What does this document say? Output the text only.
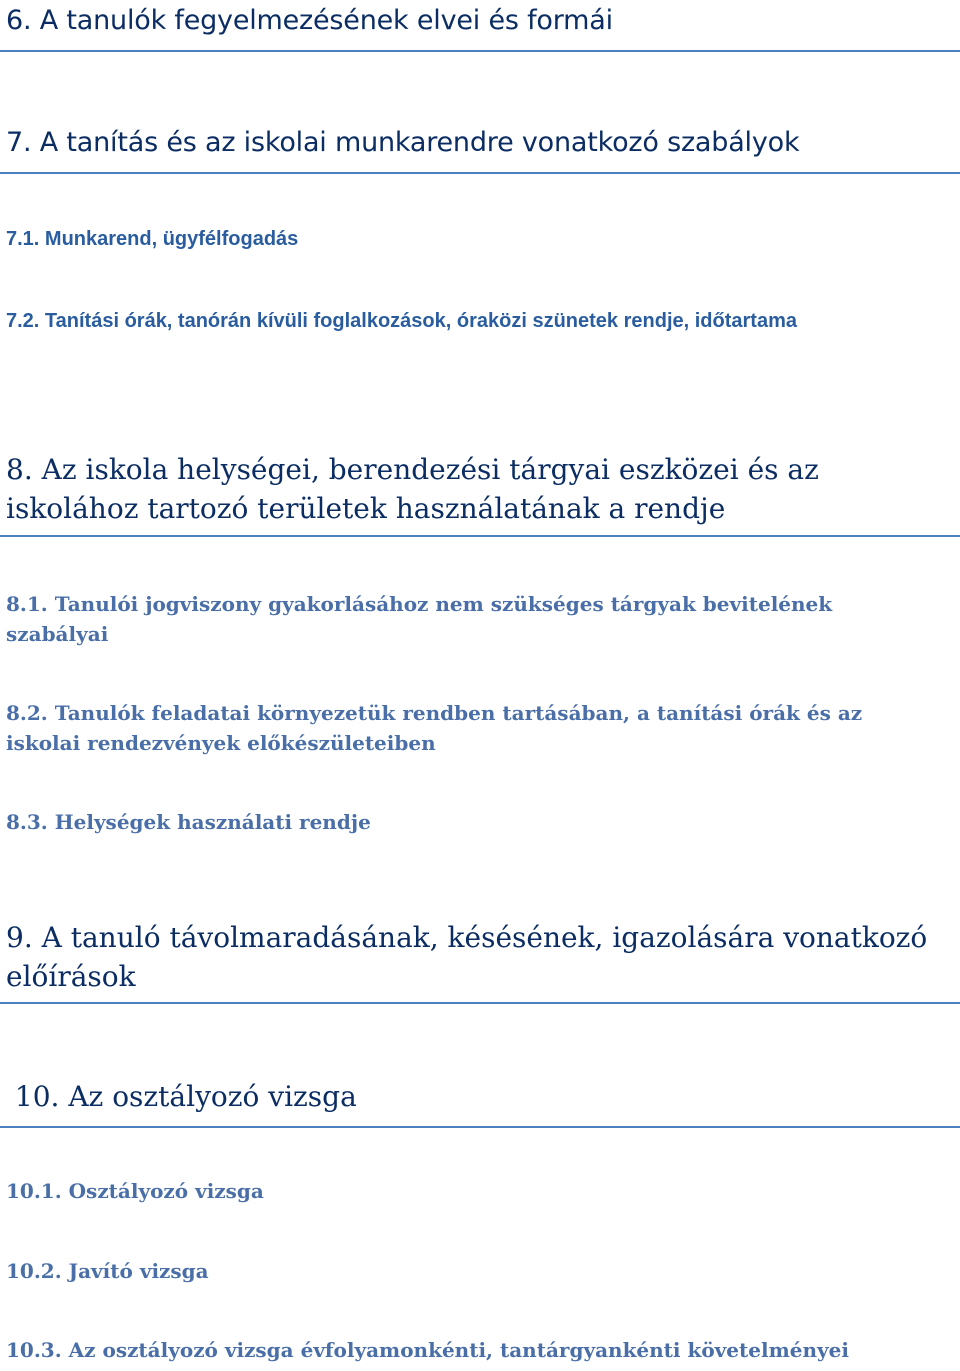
6. A tanulók fegyelmezésének elvei és formái
7. A tanítás és az iskolai munkarendre vonatkozó szabályok
7.1. Munkarend, ügyfélfogadás
7.2. Tanítási órák, tanórán kívüli foglalkozások, óraközi szünetek rendje, időtartama
8. Az iskola helységei, berendezési tárgyai eszközei és az iskolához tartozó területek használatának a rendje
8.1. Tanulói jogviszony gyakorlásához nem szükséges tárgyak bevitelének szabályai
8.2. Tanulók feladatai környezetük rendben tartásában, a tanítási órák és az iskolai rendezvények előkészületeiben
8.3. Helységek használati rendje
9. A tanuló távolmaradásának, késésének, igazolására vonatkozó előírások
10. Az osztályozó vizsga
10.1. Osztályozó vizsga
10.2. Javító vizsga
10.3. Az osztályozó vizsga évfolyamonkénti, tantárgyankénti követelményei
